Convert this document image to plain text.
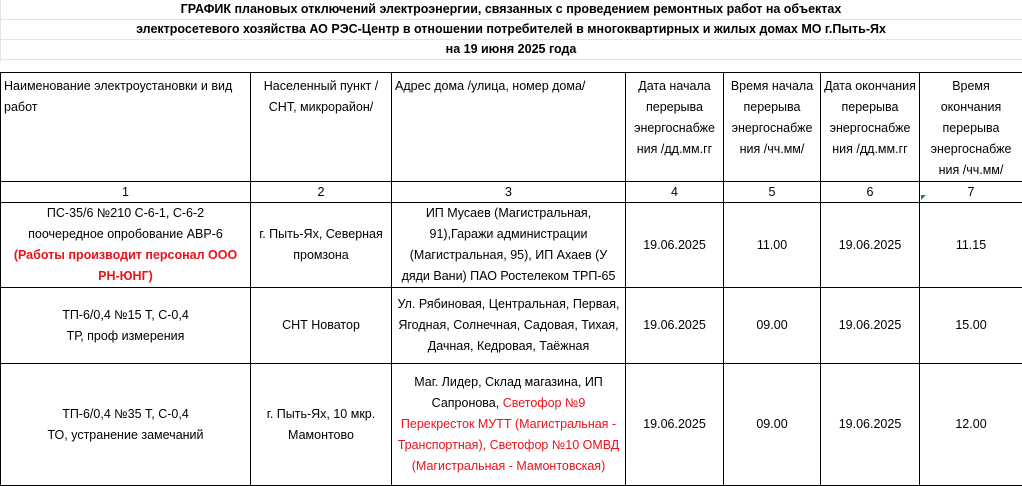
ГРАФИК плановых отключений электроэнергии, связанных с проведением ремонтных работ на объектах
электросетевого хозяйства АО РЭС-Центр в отношении потребителей в многоквартирных и жилых домах МО г.Пыть-Ях
на 19 июня 2025 года
Наименование электроустановки и вид работ	Населенный пункт /СНТ, микрорайон/	Адрес дома /улица, номер дома/	Дата начала перерыва энергоснабже ния /дд.мм.гг	Время начала перерыва энергоснабже ния /чч.мм/	Дата окончания перерыва энергоснабже ния /дд.мм.гг	Время окончания перерыва энергоснабже ния /чч.мм/
1	2	3	4	5	6	7

ПС-35/6 №210 С-6-1, С-6-2
поочередное опробование АВР-6
(Работы производит персонал ООО РН-ЮНГ)	г. Пыть-Ях, Северная промзона	ИП Мусаев (Магистральная, 91),Гаражи администрации (Магистральная, 95), ИП Ахаев (У дяди Вани) ПАО Ростелеком ТРП-65	19.06.2025	11.00	19.06.2025	11.15

ТП-6/0,4 №15 Т, С-0,4
ТР, проф измерения	СНТ Новатор	Ул. Рябиновая, Центральная, Первая, Ягодная, Солнечная, Садовая, Тихая, Дачная, Кедровая, Таёжная	19.06.2025	09.00	19.06.2025	15.00

ТП-6/0,4 №35 Т, С-0,4
ТО, устранение замечаний	г. Пыть-Ях, 10 мкр. Мамонтово	Маг. Лидер, Склад магазина, ИП Сапронова, Светофор №9 Перекресток МУТТ (Магистральная - Транспортная), Светофор №10 ОМВД (Магистральная - Мамонтовская)	19.06.2025	09.00	19.06.2025	12.00
